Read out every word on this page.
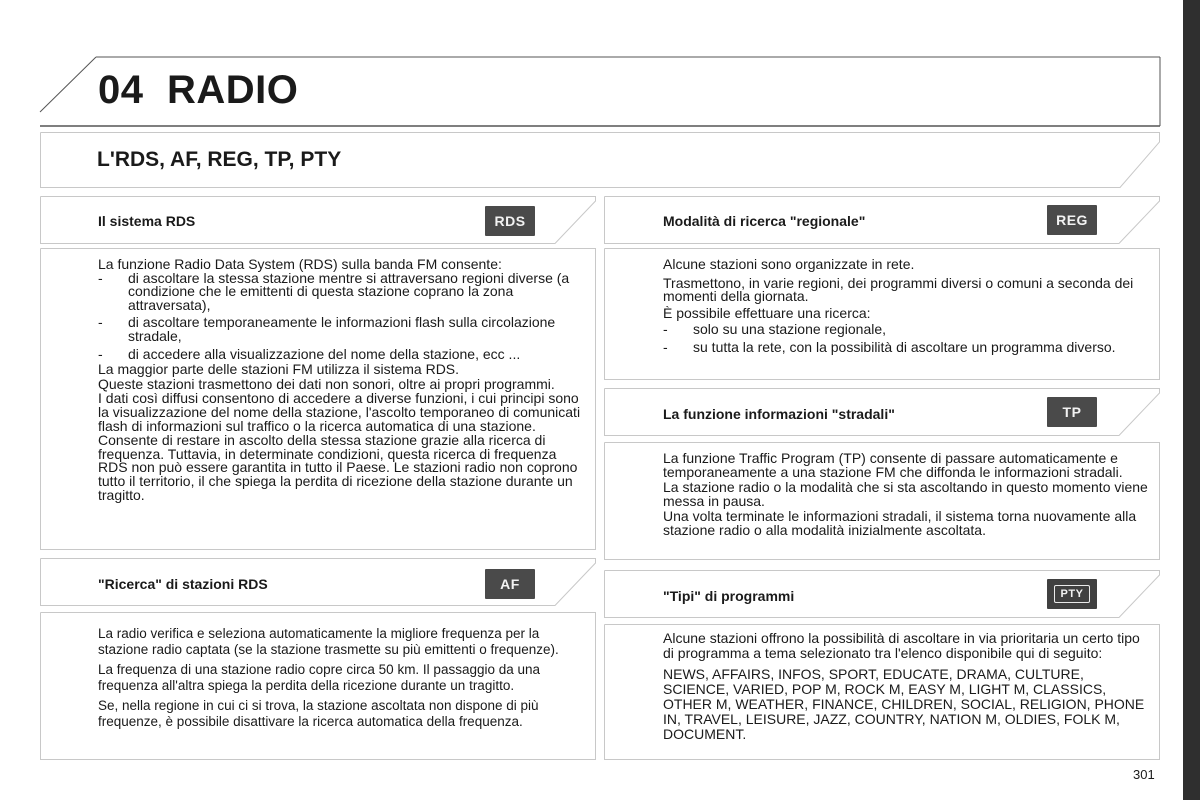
04 RADIO
L'RDS, AF, REG, TP, PTY
Il sistema RDS	RDS

La funzione Radio Data System (RDS) sulla banda FM consente:

- di ascoltare la stessa stazione mentre si attraversano regioni diverse (a condizione che le emittenti di questa stazione coprano la zona attraversata),

- di ascoltare temporaneamente le informazioni flash sulla circolazione stradale,

- di accedere alla visualizzazione del nome della stazione, ecc ...

La maggior parte delle stazioni FM utilizza il sistema RDS.

Queste stazioni trasmettono dei dati non sonori, oltre ai propri programmi.

I dati così diffusi consentono di accedere a diverse funzioni, i cui principi sono la visualizzazione del nome della stazione, l'ascolto temporaneo di comunicati flash di informazioni sul traffico o la ricerca automatica di una stazione.

Consente di restare in ascolto della stessa stazione grazie alla ricerca di frequenza. Tuttavia, in determinate condizioni, questa ricerca di frequenza RDS non può essere garantita in tutto il Paese. Le stazioni radio non coprono tutto il territorio, il che spiega la perdita di ricezione della stazione durante un tragitto.

"Ricerca" di stazioni RDS	AF

La radio verifica e seleziona automaticamente la migliore frequenza per la stazione radio captata (se la stazione trasmette su più emittenti o frequenze).

La frequenza di una stazione radio copre circa 50 km. Il passaggio da una frequenza all'altra spiega la perdita della ricezione durante un tragitto.

Se, nella regione in cui ci si trova, la stazione ascoltata non dispone di più frequenze, è possibile disattivare la ricerca automatica della frequenza.

Modalità di ricerca "regionale"	REG

Alcune stazioni sono organizzate in rete.

Trasmettono, in varie regioni, dei programmi diversi o comuni a seconda dei momenti della giornata.

È possibile effettuare una ricerca:

- solo su una stazione regionale,

- su tutta la rete, con la possibilità di ascoltare un programma diverso.

La funzione informazioni "stradali"	TP

La funzione Traffic Program (TP) consente di passare automaticamente e temporaneamente a una stazione FM che diffonda le informazioni stradali.

La stazione radio o la modalità che si sta ascoltando in questo momento viene messa in pausa.

Una volta terminate le informazioni stradali, il sistema torna nuovamente alla stazione radio o alla modalità inizialmente ascoltata.

"Tipi" di programmi	PTY

Alcune stazioni offrono la possibilità di ascoltare in via prioritaria un certo tipo di programma a tema selezionato tra l'elenco disponibile qui di seguito:

NEWS, AFFAIRS, INFOS, SPORT, EDUCATE, DRAMA, CULTURE, SCIENCE, VARIED, POP M, ROCK M, EASY M, LIGHT M, CLASSICS, OTHER M, WEATHER, FINANCE, CHILDREN, SOCIAL, RELIGION, PHONE IN, TRAVEL, LEISURE, JAZZ, COUNTRY, NATION M, OLDIES, FOLK M, DOCUMENT.

301
